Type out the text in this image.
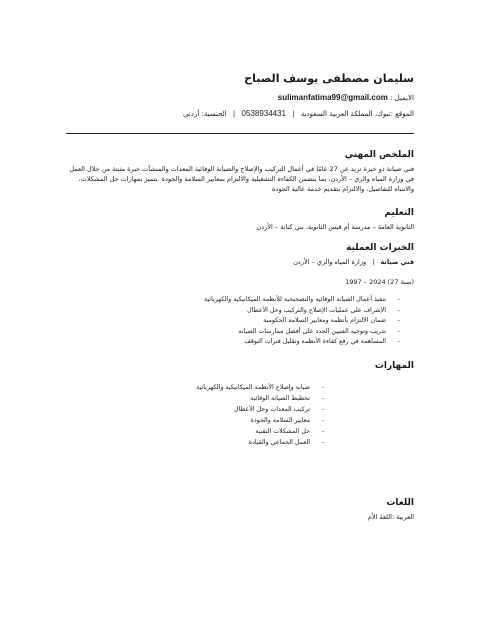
سليمان مصطفى يوسف الصباح
الايميل : sulimanfatima99@gmail.com
الموقع :تبوك، المملكة العربية السعودية | 0538934431 | الجنسية: أردني
الملخص المهني
فني صيانة ذو خبرة تزيد عن 27 عامًا في أعمال التركيب والإصلاح والصيانة الوقائية المعدات والمنشآت.خبرة مثبتة من خلال العمل في وزارة المياه والري – الأردن، بما يتضمن الكفاءة التشغيلية والالتزام بمعايير السلامة والجودة .يتميز بمهارات حل المشكلات، والانتباه للتفاصيل، والالتزام بتقديم خدمة عالية الجودة
التعليم
الثانوية العامة – مدرسة أم قيس الثانوية، بني كنانة – الأردن
الخبرات العملية
فني صيانة | وزارة المياه والري – الأردن
(سنة 27) 2024 – 1997
-
تنفيذ أعمال الصيانة الوقائية والتصحيحية للأنظمة الميكانيكية والكهربائية
-
الإشراف على عمليات الإصلاح والتركيب وحل الأعطال
-
ضمان الالتزام بأنظمة ومعايير السلامة الحكومية
-
تدريب وتوجيه الفنيين الجدد على أفضل ممارسات الصيانة
-
المساهمة في رفع كفاءة الأنظمة وتقليل فترات التوقف
المهارات
-
صيانة وإصلاح الأنظمة الميكانيكية والكهربائية
-
تخطيط الصيانة الوقائية
-
تركيب المعدات وحل الأعطال
-
معايير السلامة والجودة
-
حل المشكلات التقنية
-
العمل الجماعي والقيادة
اللغات
العربية :اللغة الأم
